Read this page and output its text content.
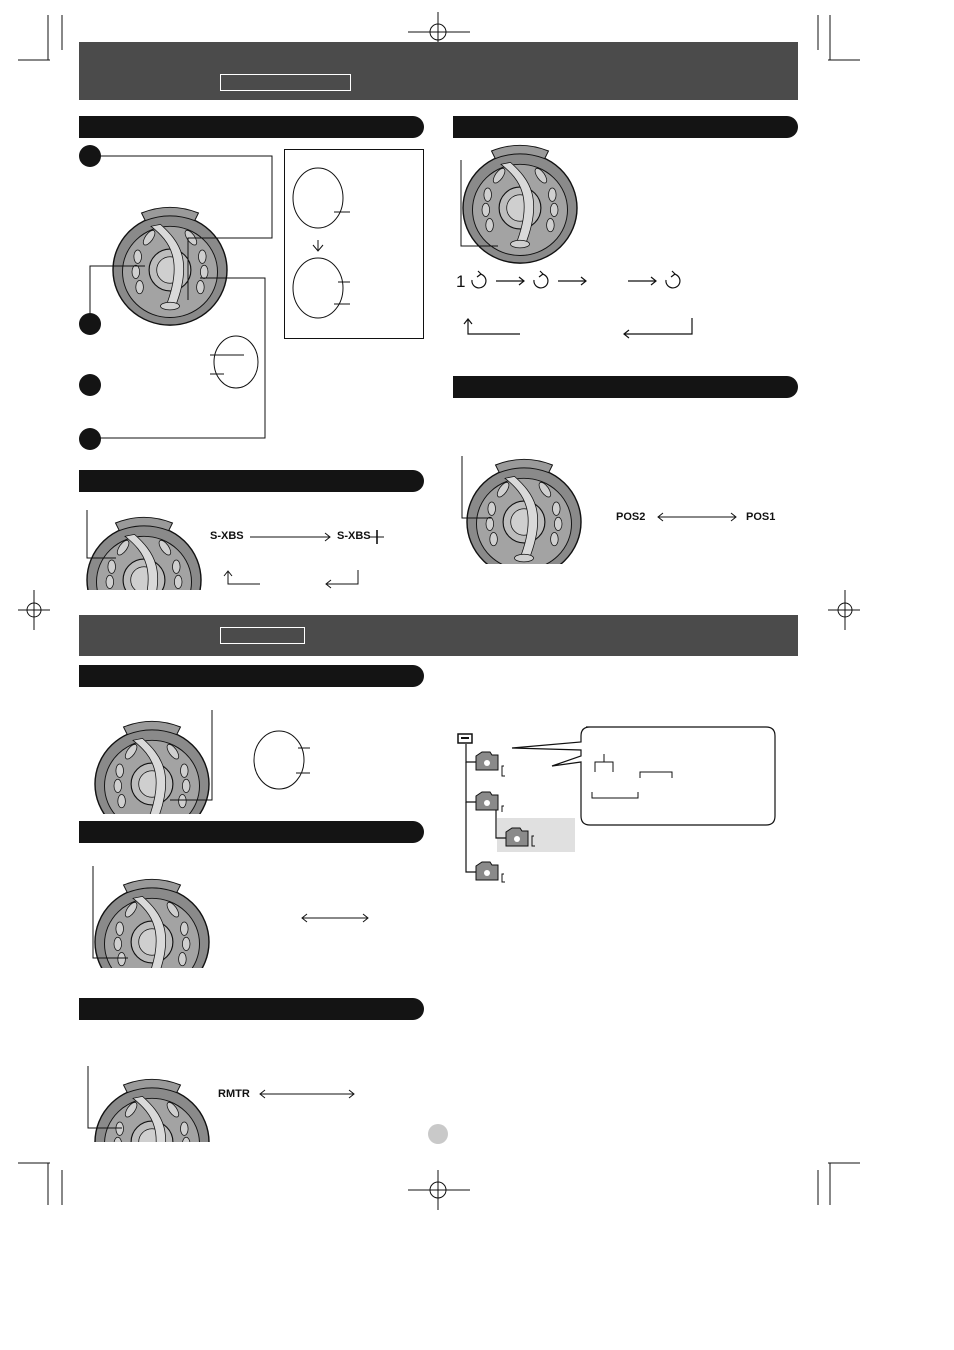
S-XBS	S-XBS
POS2	POS1
RMTR
1
